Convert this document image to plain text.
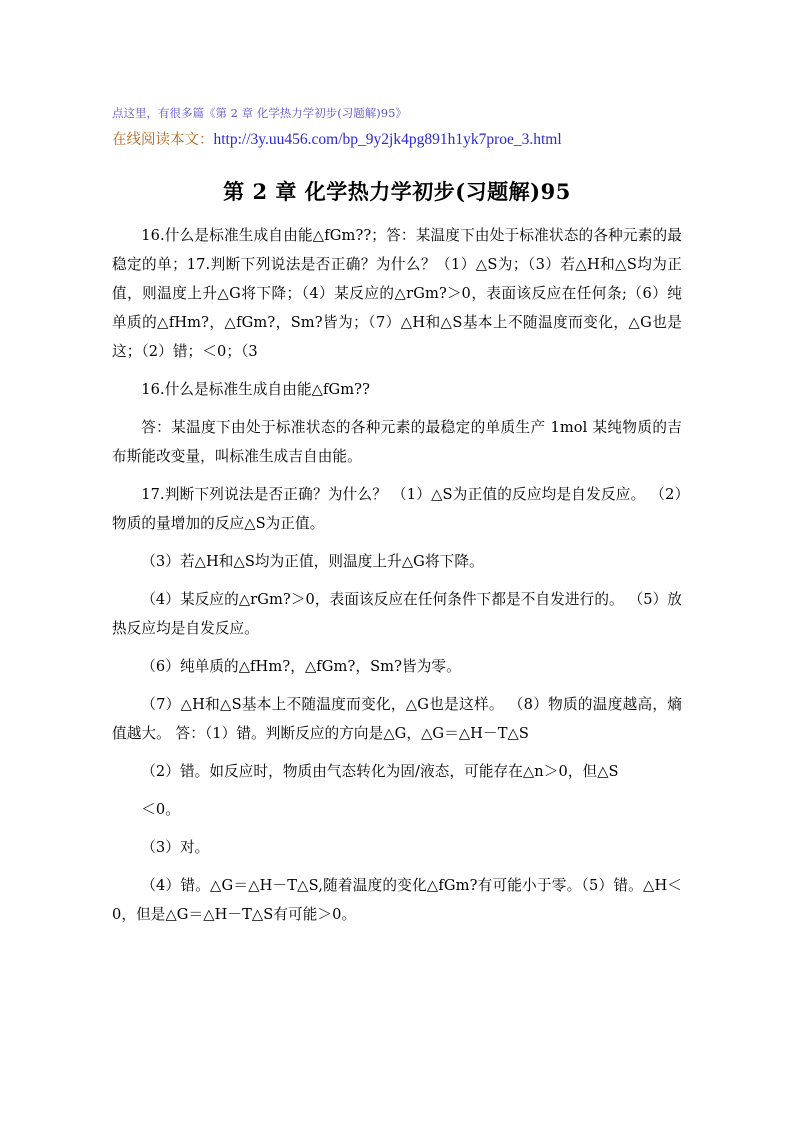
点这里，有很多篇《第 2 章 化学热力学初步(习题解)95》
在线阅读本文：http://3y.uu456.com/bp_9y2jk4pg891h1yk7proe_3.html
第 2 章 化学热力学初步(习题解)95

16.什么是标准生成自由能△fGm??；答：某温度下由处于标准状态的各种元素的最稳定的单；17.判断下列说法是否正确？为什么？（1）△S为；（3）若△H和△S均为正值，则温度上升△G将下降；（4）某反应的△rGm?＞0，表面该反应在任何条;（6）纯单质的△fHm?，△fGm?，Sm?皆为；（7）△H和△S基本上不随温度而变化，△G也是这；（2）错；＜0；（3

16.什么是标准生成自由能△fGm??

答：某温度下由处于标准状态的各种元素的最稳定的单质生产 1mol 某纯物质的吉布斯能改变量，叫标准生成吉自由能。

17.判断下列说法是否正确？为什么？ （1）△S为正值的反应均是自发反应。 （2）物质的量增加的反应△S为正值。

（3）若△H和△S均为正值，则温度上升△G将下降。

（4）某反应的△rGm?＞0，表面该反应在任何条件下都是不自发进行的。 （5）放热反应均是自发反应。

（6）纯单质的△fHm?，△fGm?，Sm?皆为零。

（7）△H和△S基本上不随温度而变化，△G也是这样。 （8）物质的温度越高，熵值越大。 答：（1）错。判断反应的方向是△G，△G＝△H－T△S

（2）错。如反应时，物质由气态转化为固/液态，可能存在△n＞0，但△S

＜0。

（3）对。

（4）错。△G＝△H－T△S,随着温度的变化△fGm?有可能小于零。（5）错。△H＜0，但是△G＝△H－T△S有可能＞0。
